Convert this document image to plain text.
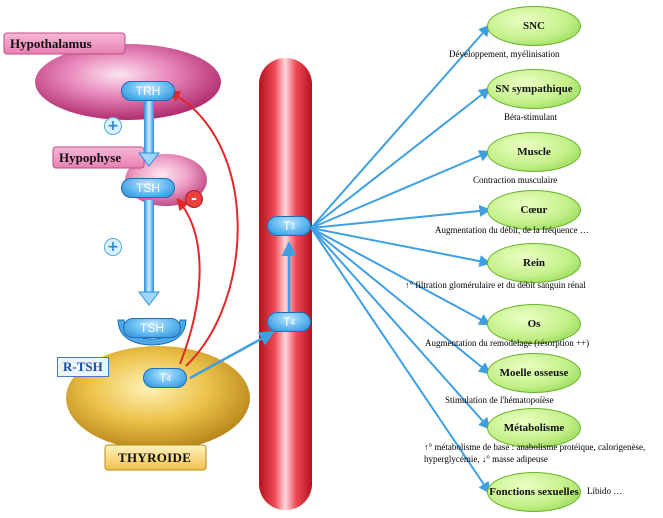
Hypothalamus
Hypophyse
THYROIDE
TRH
TSH
TSH
T 4
T 4
T 3
R-TSH
+
+
-
SNC
Développement, myélinisation
SN sympathique
Béta-stimulant
Muscle
Contraction musculaire
Cœur
Augmentation du débit, de la fréquence …
Rein
↑° filtration glomérulaire et du débit sanguin rénal
Os
Augmentation du remodelage (résorption ++)
Moelle osseuse
Stimulation de l'hématopoïèse
Métabolisme
↑° métabolisme de base : anabolisme protéique, calorigenèse, hyperglycémie, ↓° masse adipeuse
Fonctions sexuelles Libido …
